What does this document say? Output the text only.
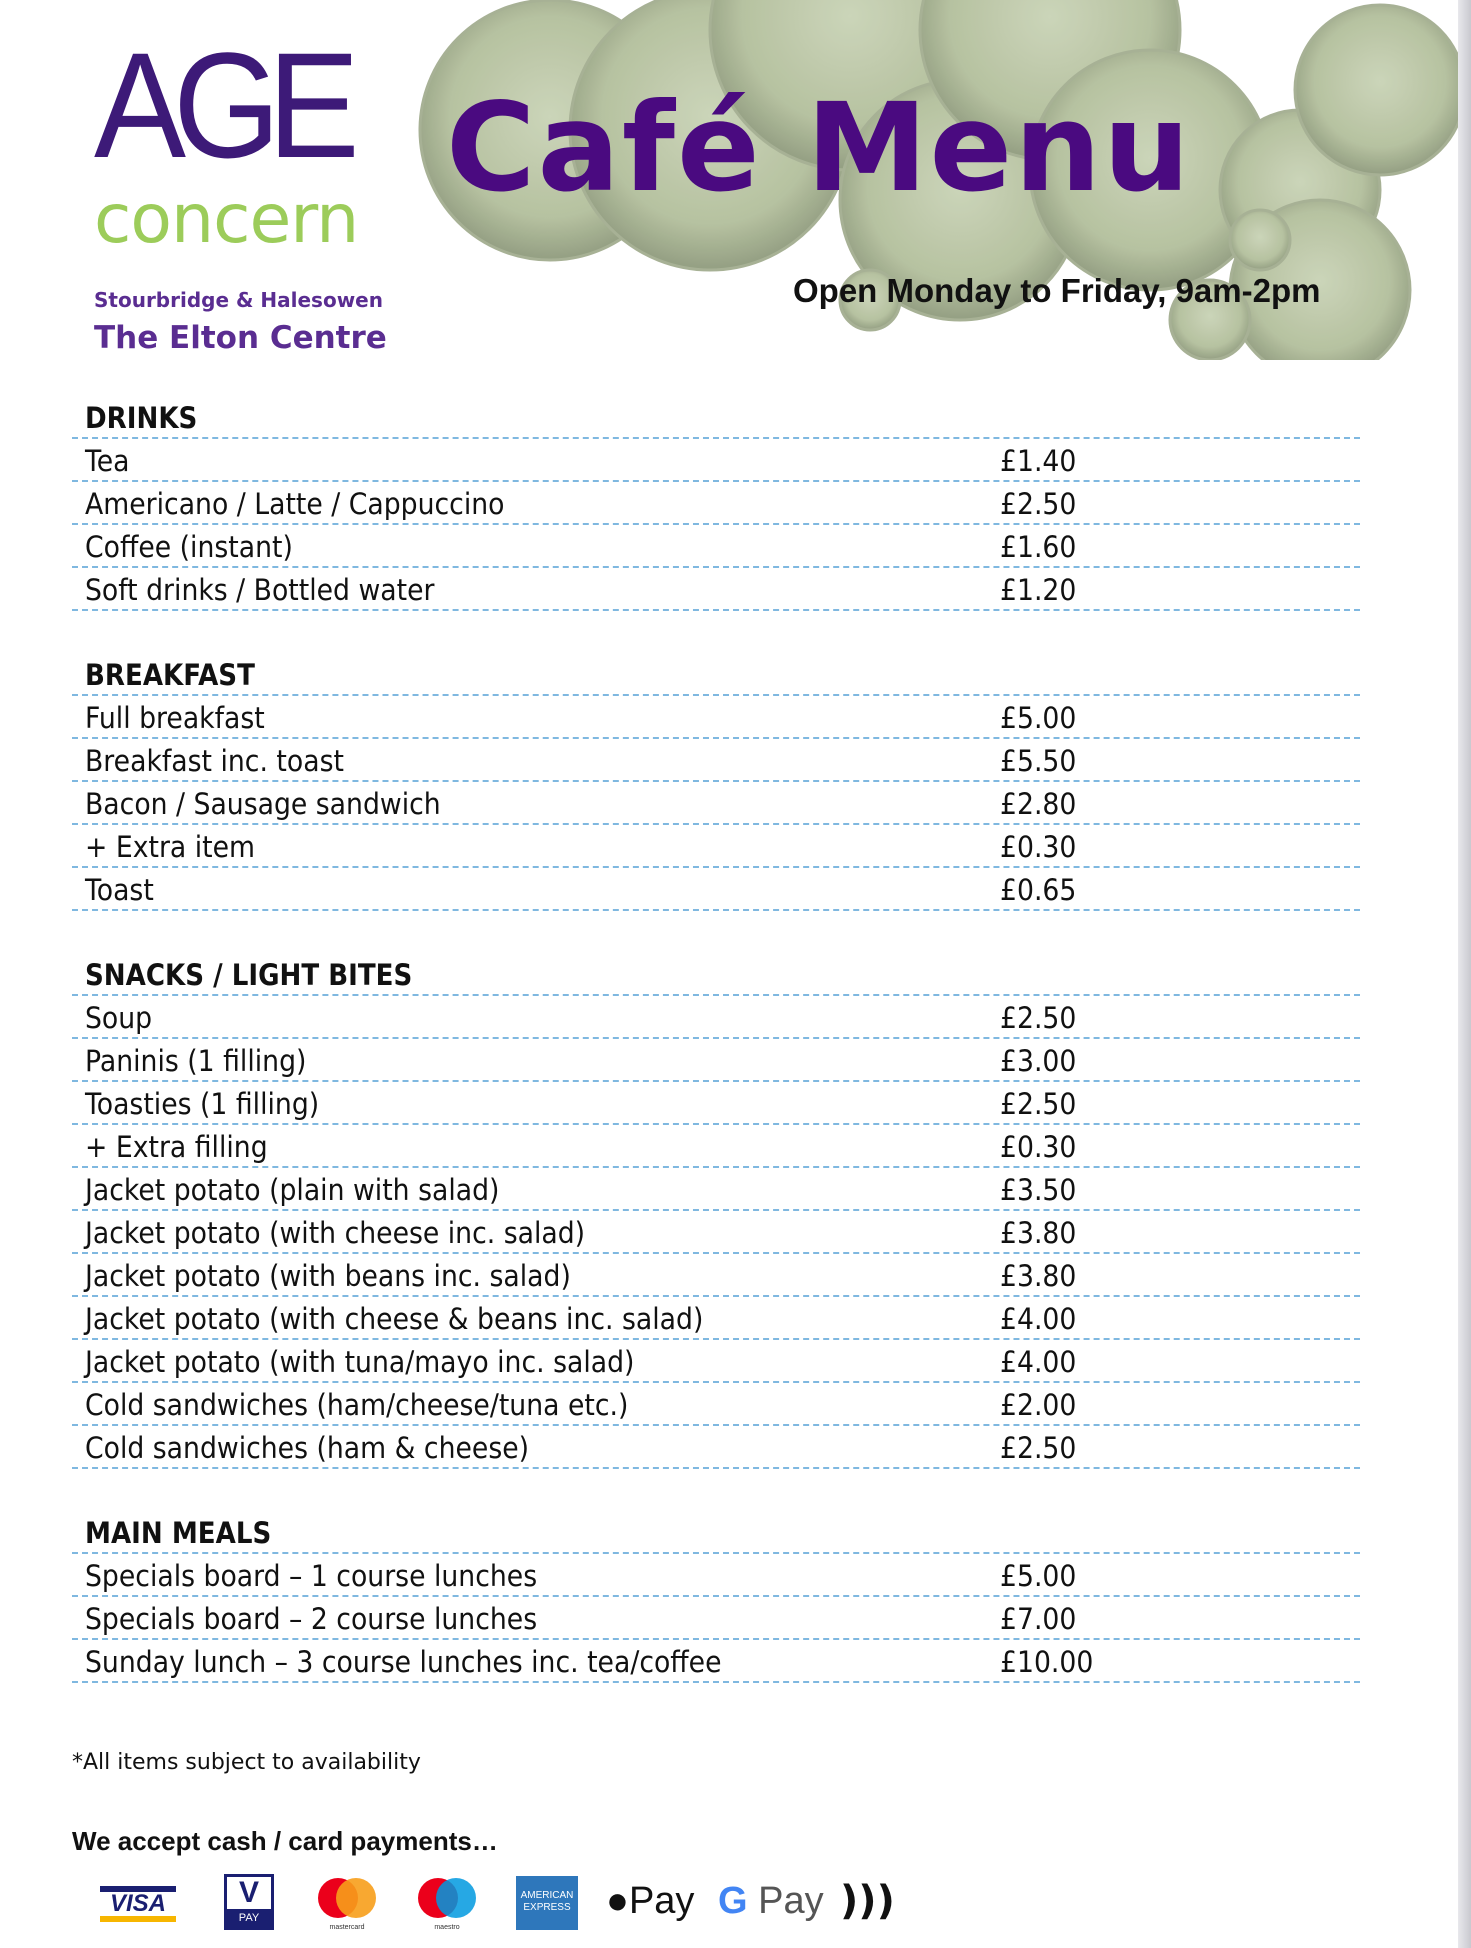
AGE
concern
Stourbridge & Halesowen
The Elton Centre
Café Menu
Open Monday to Friday, 9am-2pm
DRINKS
Tea	£1.40
Americano / Latte / Cappuccino	£2.50
Coffee (instant)	£1.60
Soft drinks / Bottled water	£1.20
BREAKFAST
Full breakfast	£5.00
Breakfast inc. toast	£5.50
Bacon / Sausage sandwich	£2.80
+ Extra item	£0.30
Toast	£0.65
SNACKS / LIGHT BITES
Soup	£2.50
Paninis (1 filling)	£3.00
Toasties (1 filling)	£2.50
+ Extra filling	£0.30
Jacket potato (plain with salad)	£3.50
Jacket potato (with cheese inc. salad)	£3.80
Jacket potato (with beans inc. salad)	£3.80
Jacket potato (with cheese & beans inc. salad)	£4.00
Jacket potato (with tuna/mayo inc. salad)	£4.00
Cold sandwiches (ham/cheese/tuna etc.)	£2.00
Cold sandwiches (ham & cheese)	£2.50
MAIN MEALS
Specials board – 1 course lunches	£5.00
Specials board – 2 course lunches	£7.00
Sunday lunch – 3 course lunches inc. tea/coffee	£10.00
*All items subject to availability
We accept cash / card payments…
VISA	V
PAY
mastercard	maestro
AMERICAN EXPRESS ●Pay G Pay )))
